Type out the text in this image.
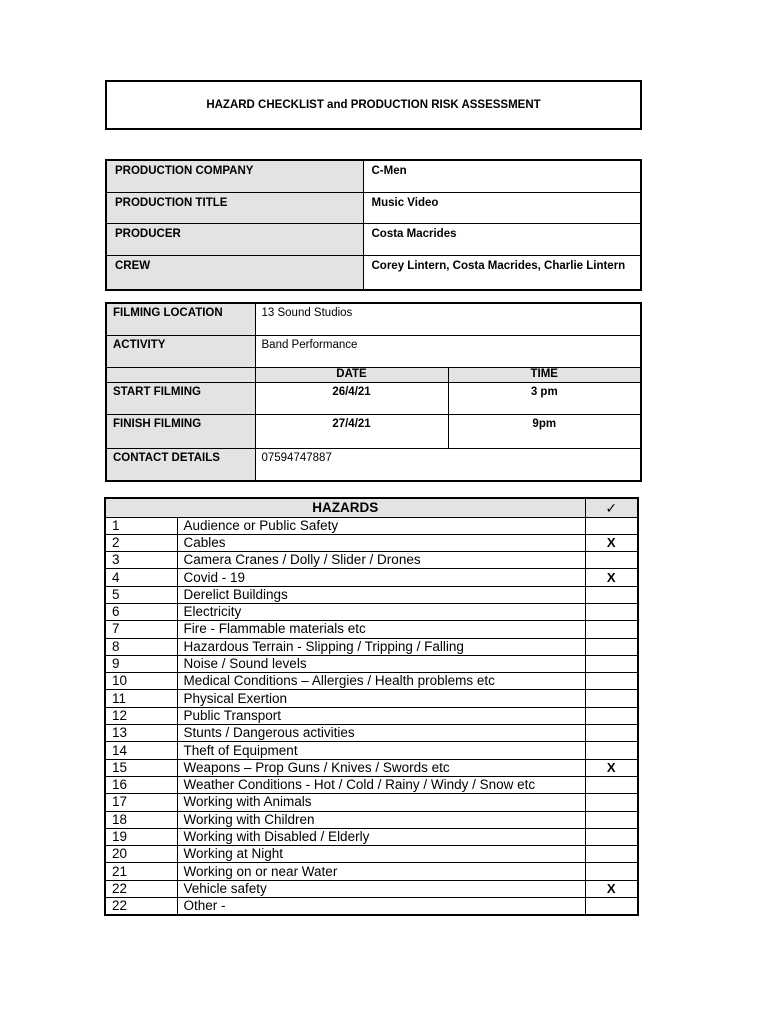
HAZARD CHECKLIST and PRODUCTION RISK ASSESSMENT
PRODUCTION COMPANY	C-Men
PRODUCTION TITLE	Music Video
PRODUCER	Costa Macrides
CREW	Corey Lintern, Costa Macrides, Charlie Lintern
FILMING LOCATION	13 Sound Studios	
ACTIVITY	Band Performance	
	DATE	TIME
START FILMING	26/4/21	3 pm
FINISH FILMING	27/4/21	9pm
CONTACT DETAILS	07594747887	
HAZARDS		✓
1	Audience or Public Safety	
2	Cables	X
3	Camera Cranes / Dolly / Slider / Drones	
4	Covid - 19	X
5	Derelict Buildings	
6	Electricity	
7	Fire - Flammable materials etc	
8	Hazardous Terrain - Slipping / Tripping / Falling	
9	Noise / Sound levels	
10	Medical Conditions – Allergies / Health problems etc	
11	Physical Exertion	
12	Public Transport	
13	Stunts / Dangerous activities	
14	Theft of Equipment	
15	Weapons – Prop Guns / Knives / Swords etc	X
16	Weather Conditions - Hot / Cold / Rainy / Windy / Snow etc	
17	Working with Animals	
18	Working with Children	
19	Working with Disabled / Elderly	
20	Working at Night	
21	Working on or near Water	
22	Vehicle safety	X
22	Other -	
